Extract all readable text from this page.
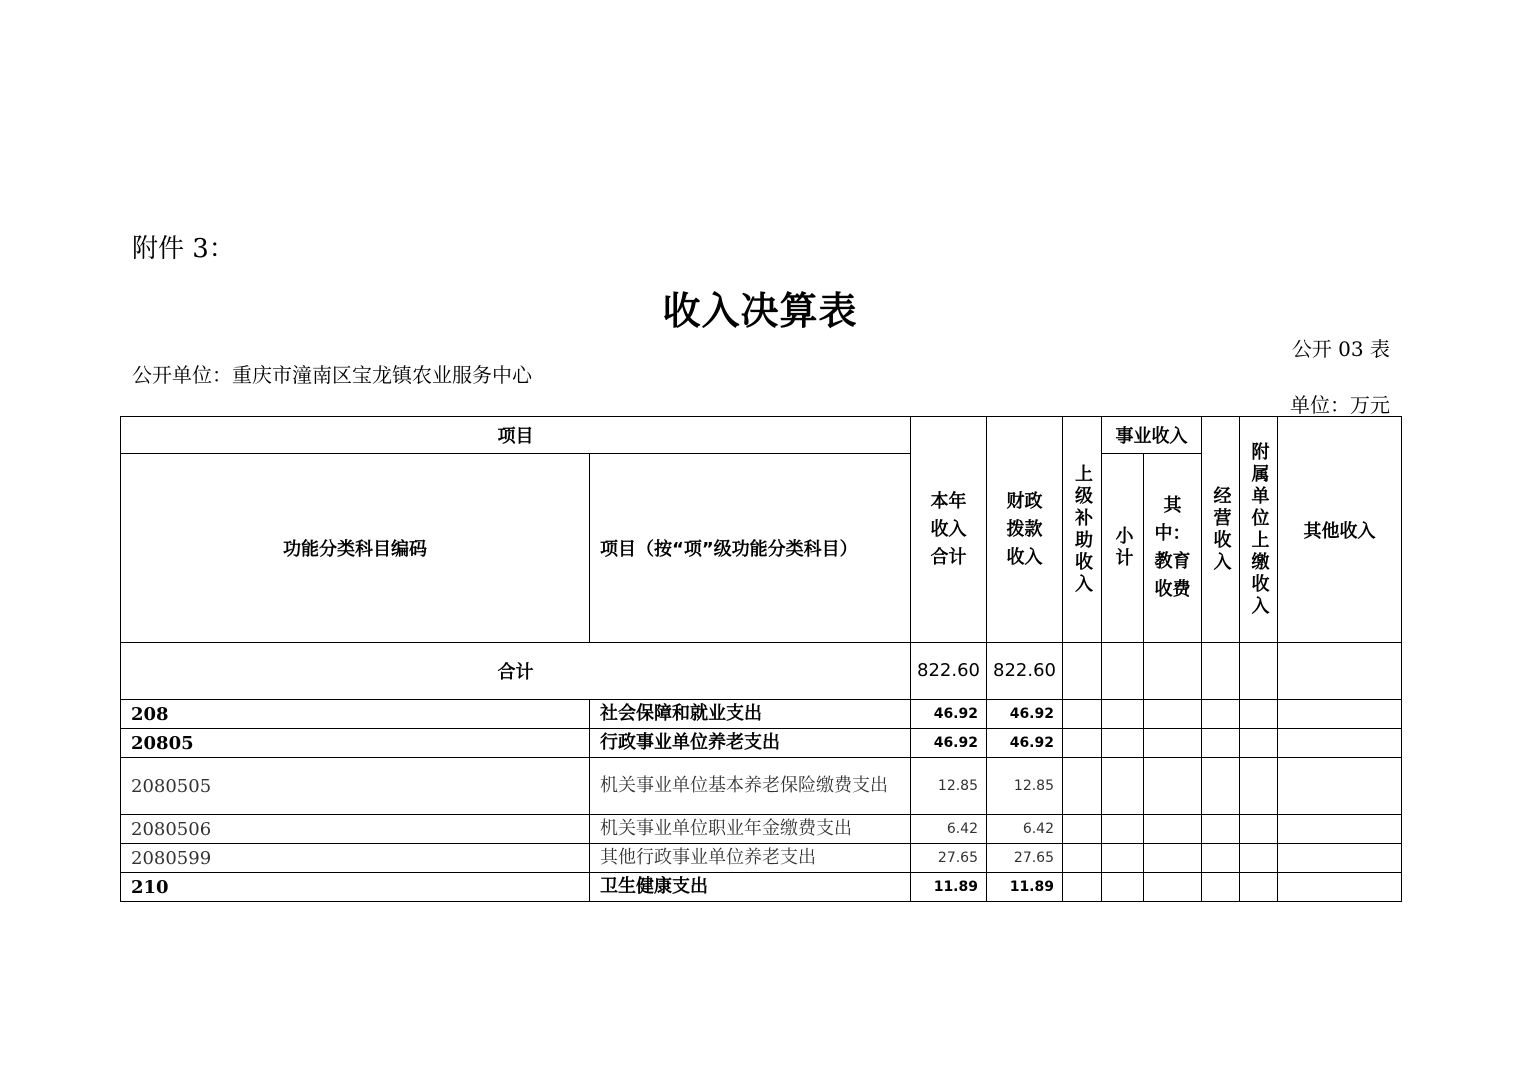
附件 3：
收入决算表
公开 03 表
公开单位：重庆市潼南区宝龙镇农业服务中心
单位：万元
项目		本年收入合计	财政拨款收入	上级补助收入	事业收入		经营收入	附属单位上缴收入	其他收入
功能分类科目编码	项目（按“项”级功能分类科目）				小计	其中：教育收费			
合计		822.60	822.60						
208	社会保障和就业支出	46.92	46.92						
20805	行政事业单位养老支出	46.92	46.92						
2080505	机关事业单位基本养老保险缴费支出	12.85	12.85						
2080506	机关事业单位职业年金缴费支出	6.42	6.42						
2080599	其他行政事业单位养老支出	27.65	27.65						
210	卫生健康支出	11.89	11.89						
